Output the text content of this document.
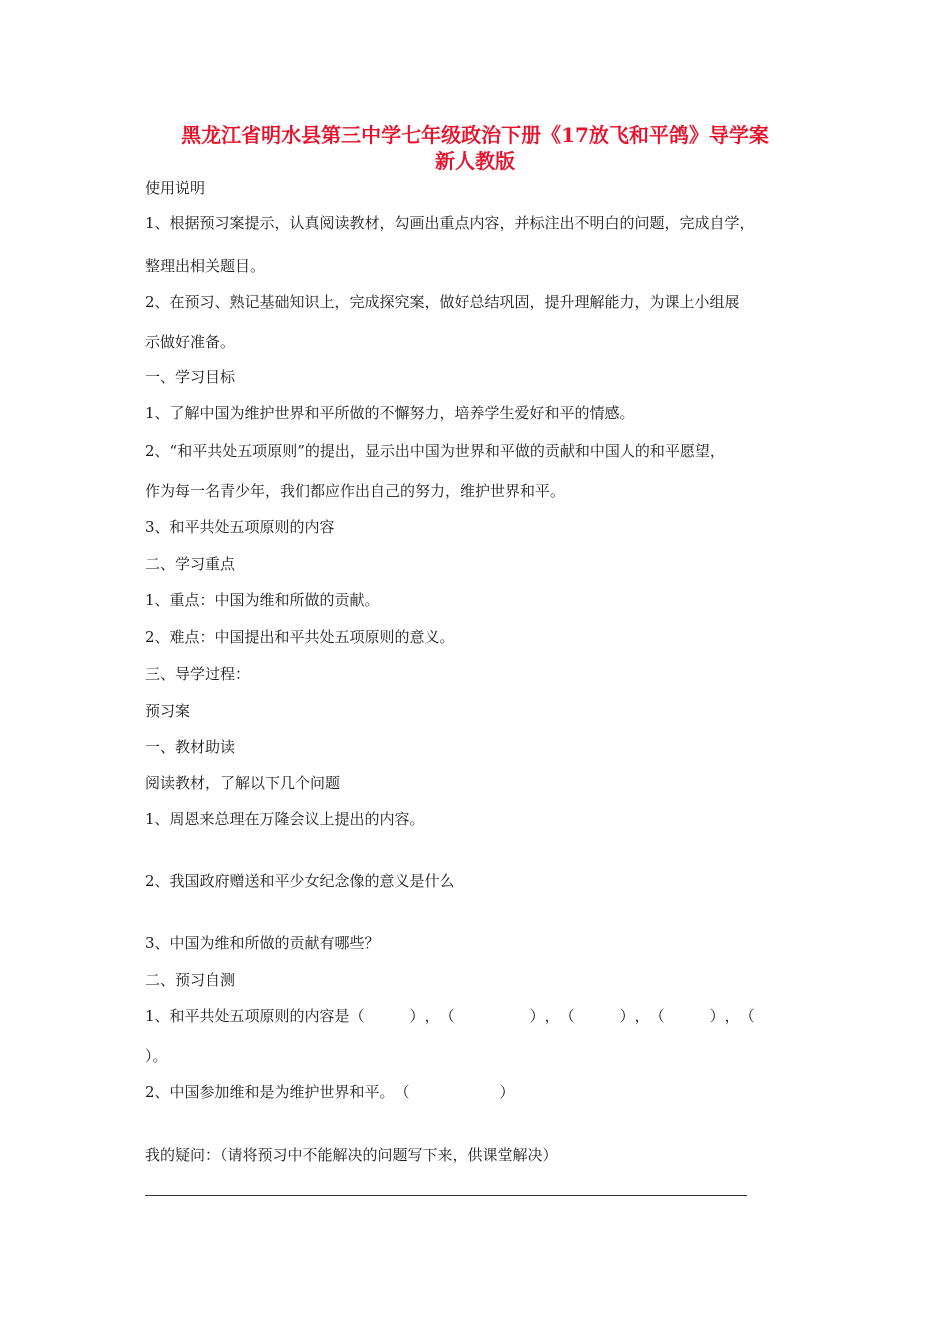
黑龙江省明水县第三中学七年级政治下册《17放飞和平鸽》导学案
新人教版
使用说明
1、根据预习案提示，认真阅读教材，勾画出重点内容，并标注出不明白的问题，完成自学，
整理出相关题目。
2、在预习、熟记基础知识上，完成探究案，做好总结巩固，提升理解能力，为课上小组展
示做好准备。
一、学习目标
1、了解中国为维护世界和平所做的不懈努力，培养学生爱好和平的情感。
2、“和平共处五项原则”的提出，显示出中国为世界和平做的贡献和中国人的和平愿望，
作为每一名青少年，我们都应作出自己的努力，维护世界和平。
3、和平共处五项原则的内容
二、学习重点
1、重点：中国为维和所做的贡献。
2、难点：中国提出和平共处五项原则的意义。
三、导学过程：
预习案
一、教材助读
阅读教材，了解以下几个问题
1、周恩来总理在万隆会议上提出的内容。
2、我国政府赠送和平少女纪念像的意义是什么
3、中国为维和所做的贡献有哪些？
二、预习自测
1、和平共处五项原则的内容是（　　　），（　　　　　），（　　　），（　　　），（
）。
2、中国参加维和是为维护世界和平。（　　　　　　）
我的疑问：（请将预习中不能解决的问题写下来，供课堂解决）
